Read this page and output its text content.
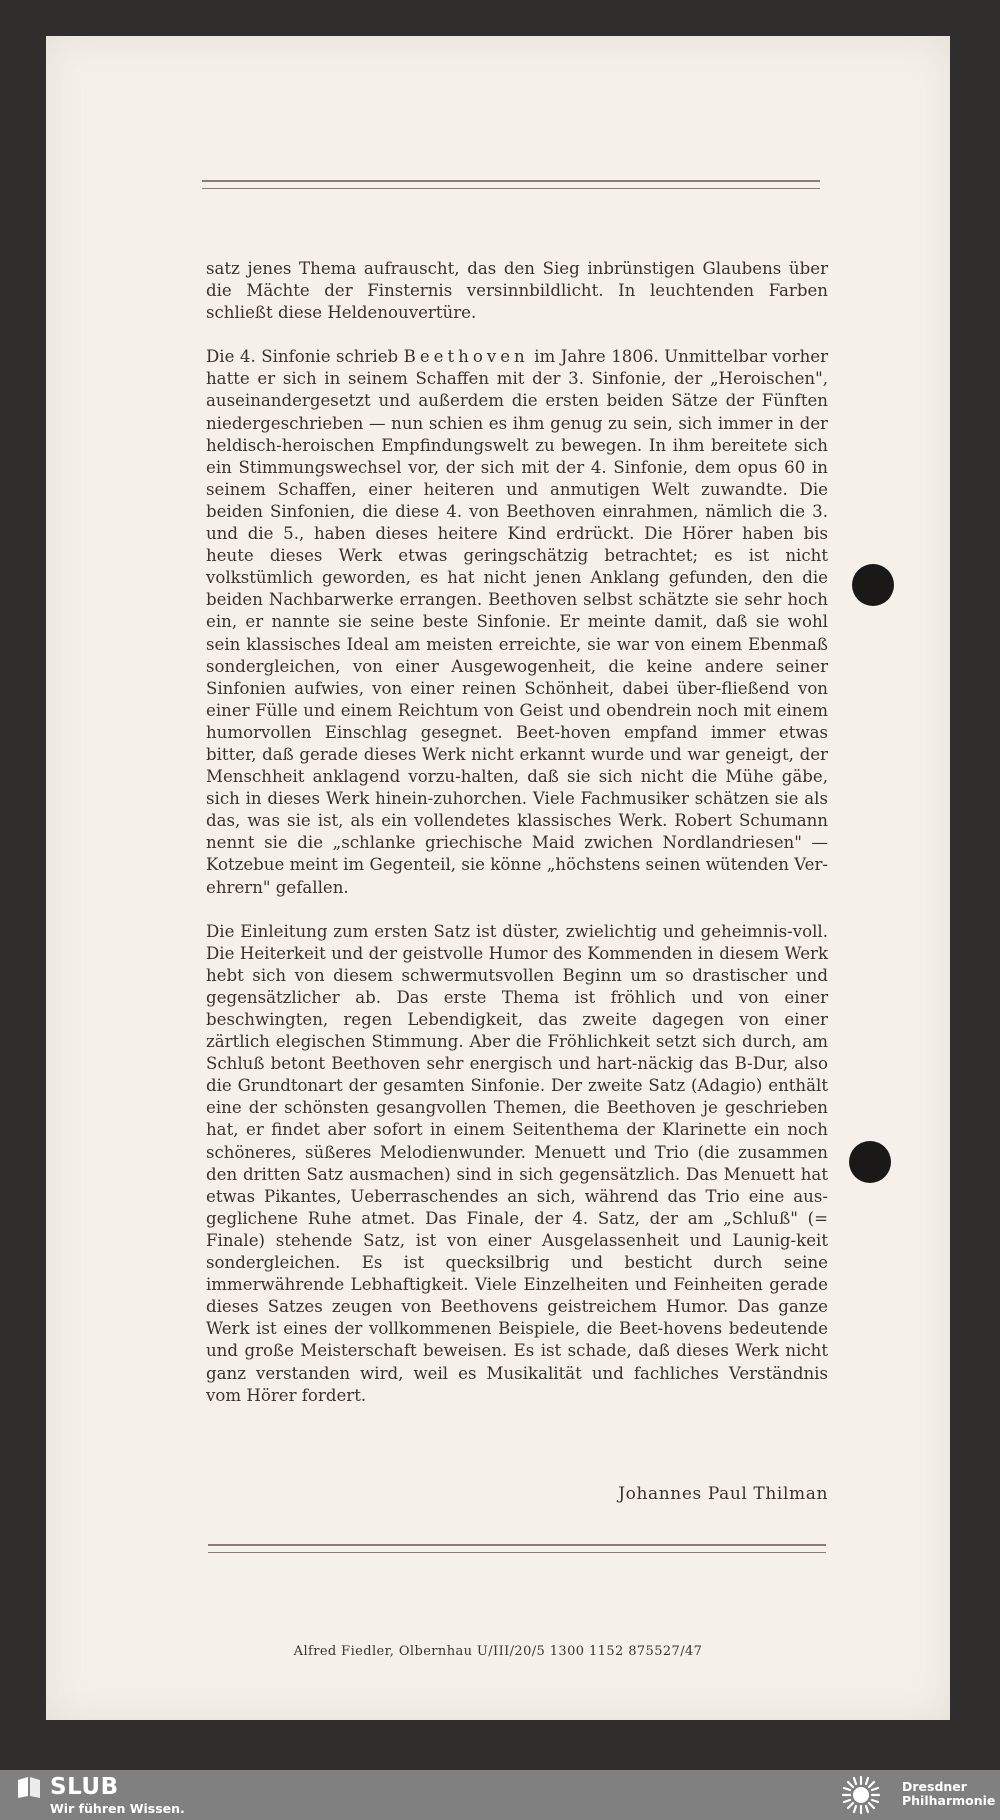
satz jenes Thema aufrauscht, das den Sieg inbrünstigen Glaubens über die Mächte der Finsternis versinnbildlicht. In leuchtenden Farben schließt diese Heldenouvertüre.

Die 4. Sinfonie schrieb Beethoven im Jahre 1806. Unmittelbar vorher hatte er sich in seinem Schaffen mit der 3. Sinfonie, der „Heroischen", auseinandergesetzt und außerdem die ersten beiden Sätze der Fünften niedergeschrieben — nun schien es ihm genug zu sein, sich immer in der heldisch-heroischen Empfindungswelt zu bewegen. In ihm bereitete sich ein Stimmungswechsel vor, der sich mit der 4. Sinfonie, dem opus 60 in seinem Schaffen, einer heiteren und anmutigen Welt zuwandte. Die beiden Sinfonien, die diese 4. von Beethoven einrahmen, nämlich die 3. und die 5., haben dieses heitere Kind erdrückt. Die Hörer haben bis heute dieses Werk etwas geringschätzig betrachtet; es ist nicht volkstümlich geworden, es hat nicht jenen Anklang gefunden, den die beiden Nachbarwerke errangen. Beethoven selbst schätzte sie sehr hoch ein, er nannte sie seine beste Sinfonie. Er meinte damit, daß sie wohl sein klassisches Ideal am meisten erreichte, sie war von einem Ebenmaß sondergleichen, von einer Ausgewogenheit, die keine andere seiner Sinfonien aufwies, von einer reinen Schönheit, dabei über-fließend von einer Fülle und einem Reichtum von Geist und obendrein noch mit einem humorvollen Einschlag gesegnet. Beet-hoven empfand immer etwas bitter, daß gerade dieses Werk nicht erkannt wurde und war geneigt, der Menschheit anklagend vorzu-halten, daß sie sich nicht die Mühe gäbe, sich in dieses Werk hinein-zuhorchen. Viele Fachmusiker schätzen sie als das, was sie ist, als ein vollendetes klassisches Werk. Robert Schumann nennt sie die „schlanke griechische Maid zwichen Nordlandriesen" — Kotzebue meint im Gegenteil, sie könne „höchstens seinen wütenden Ver-ehrern" gefallen.

Die Einleitung zum ersten Satz ist düster, zwielichtig und geheimnis-voll. Die Heiterkeit und der geistvolle Humor des Kommenden in diesem Werk hebt sich von diesem schwermutsvollen Beginn um so drastischer und gegensätzlicher ab. Das erste Thema ist fröhlich und von einer beschwingten, regen Lebendigkeit, das zweite dagegen von einer zärtlich elegischen Stimmung. Aber die Fröhlichkeit setzt sich durch, am Schluß betont Beethoven sehr energisch und hart-näckig das B-Dur, also die Grundtonart der gesamten Sinfonie. Der zweite Satz (Adagio) enthält eine der schönsten gesangvollen Themen, die Beethoven je geschrieben hat, er findet aber sofort in einem Seitenthema der Klarinette ein noch schöneres, süßeres Melodienwunder. Menuett und Trio (die zusammen den dritten Satz ausmachen) sind in sich gegensätzlich. Das Menuett hat etwas Pikantes, Ueberraschendes an sich, während das Trio eine aus-geglichene Ruhe atmet. Das Finale, der 4. Satz, der am „Schluß" (= Finale) stehende Satz, ist von einer Ausgelassenheit und Launig-keit sondergleichen. Es ist quecksilbrig und besticht durch seine immerwährende Lebhaftigkeit. Viele Einzelheiten und Feinheiten gerade dieses Satzes zeugen von Beethovens geistreichem Humor. Das ganze Werk ist eines der vollkommenen Beispiele, die Beet-hovens bedeutende und große Meisterschaft beweisen. Es ist schade, daß dieses Werk nicht ganz verstanden wird, weil es Musikalität und fachliches Verständnis vom Hörer fordert.

Johannes Paul Thilman
Alfred Fiedler, Olbernhau U/III/20/5 1300 1152 875527/47
SLUB
Wir führen Wissen.
Dresdner
Philharmonie
